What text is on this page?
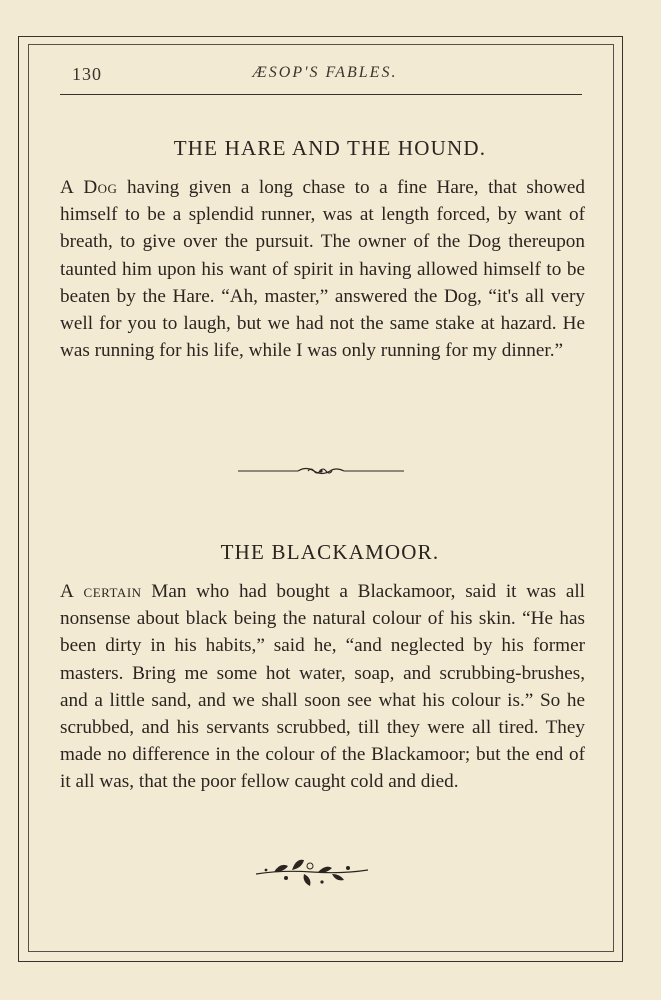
130	ÆSOP'S FABLES.
THE HARE AND THE HOUND.

A Dog having given a long chase to a fine Hare, that showed himself to be a splendid runner, was at length forced, by want of breath, to give over the pursuit. The owner of the Dog thereupon taunted him upon his want of spirit in having allowed himself to be beaten by the Hare. “Ah, master,” answered the Dog, “it's all very well for you to laugh, but we had not the same stake at hazard. He was running for his life, while I was only running for my dinner.”

THE BLACKAMOOR.

A certain Man who had bought a Blackamoor, said it was all nonsense about black being the natural colour of his skin. “He has been dirty in his habits,” said he, “and neglected by his former masters. Bring me some hot water, soap, and scrubbing-brushes, and a little sand, and we shall soon see what his colour is.” So he scrubbed, and his servants scrubbed, till they were all tired. They made no difference in the colour of the Blackamoor; but the end of it all was, that the poor fellow caught cold and died.
